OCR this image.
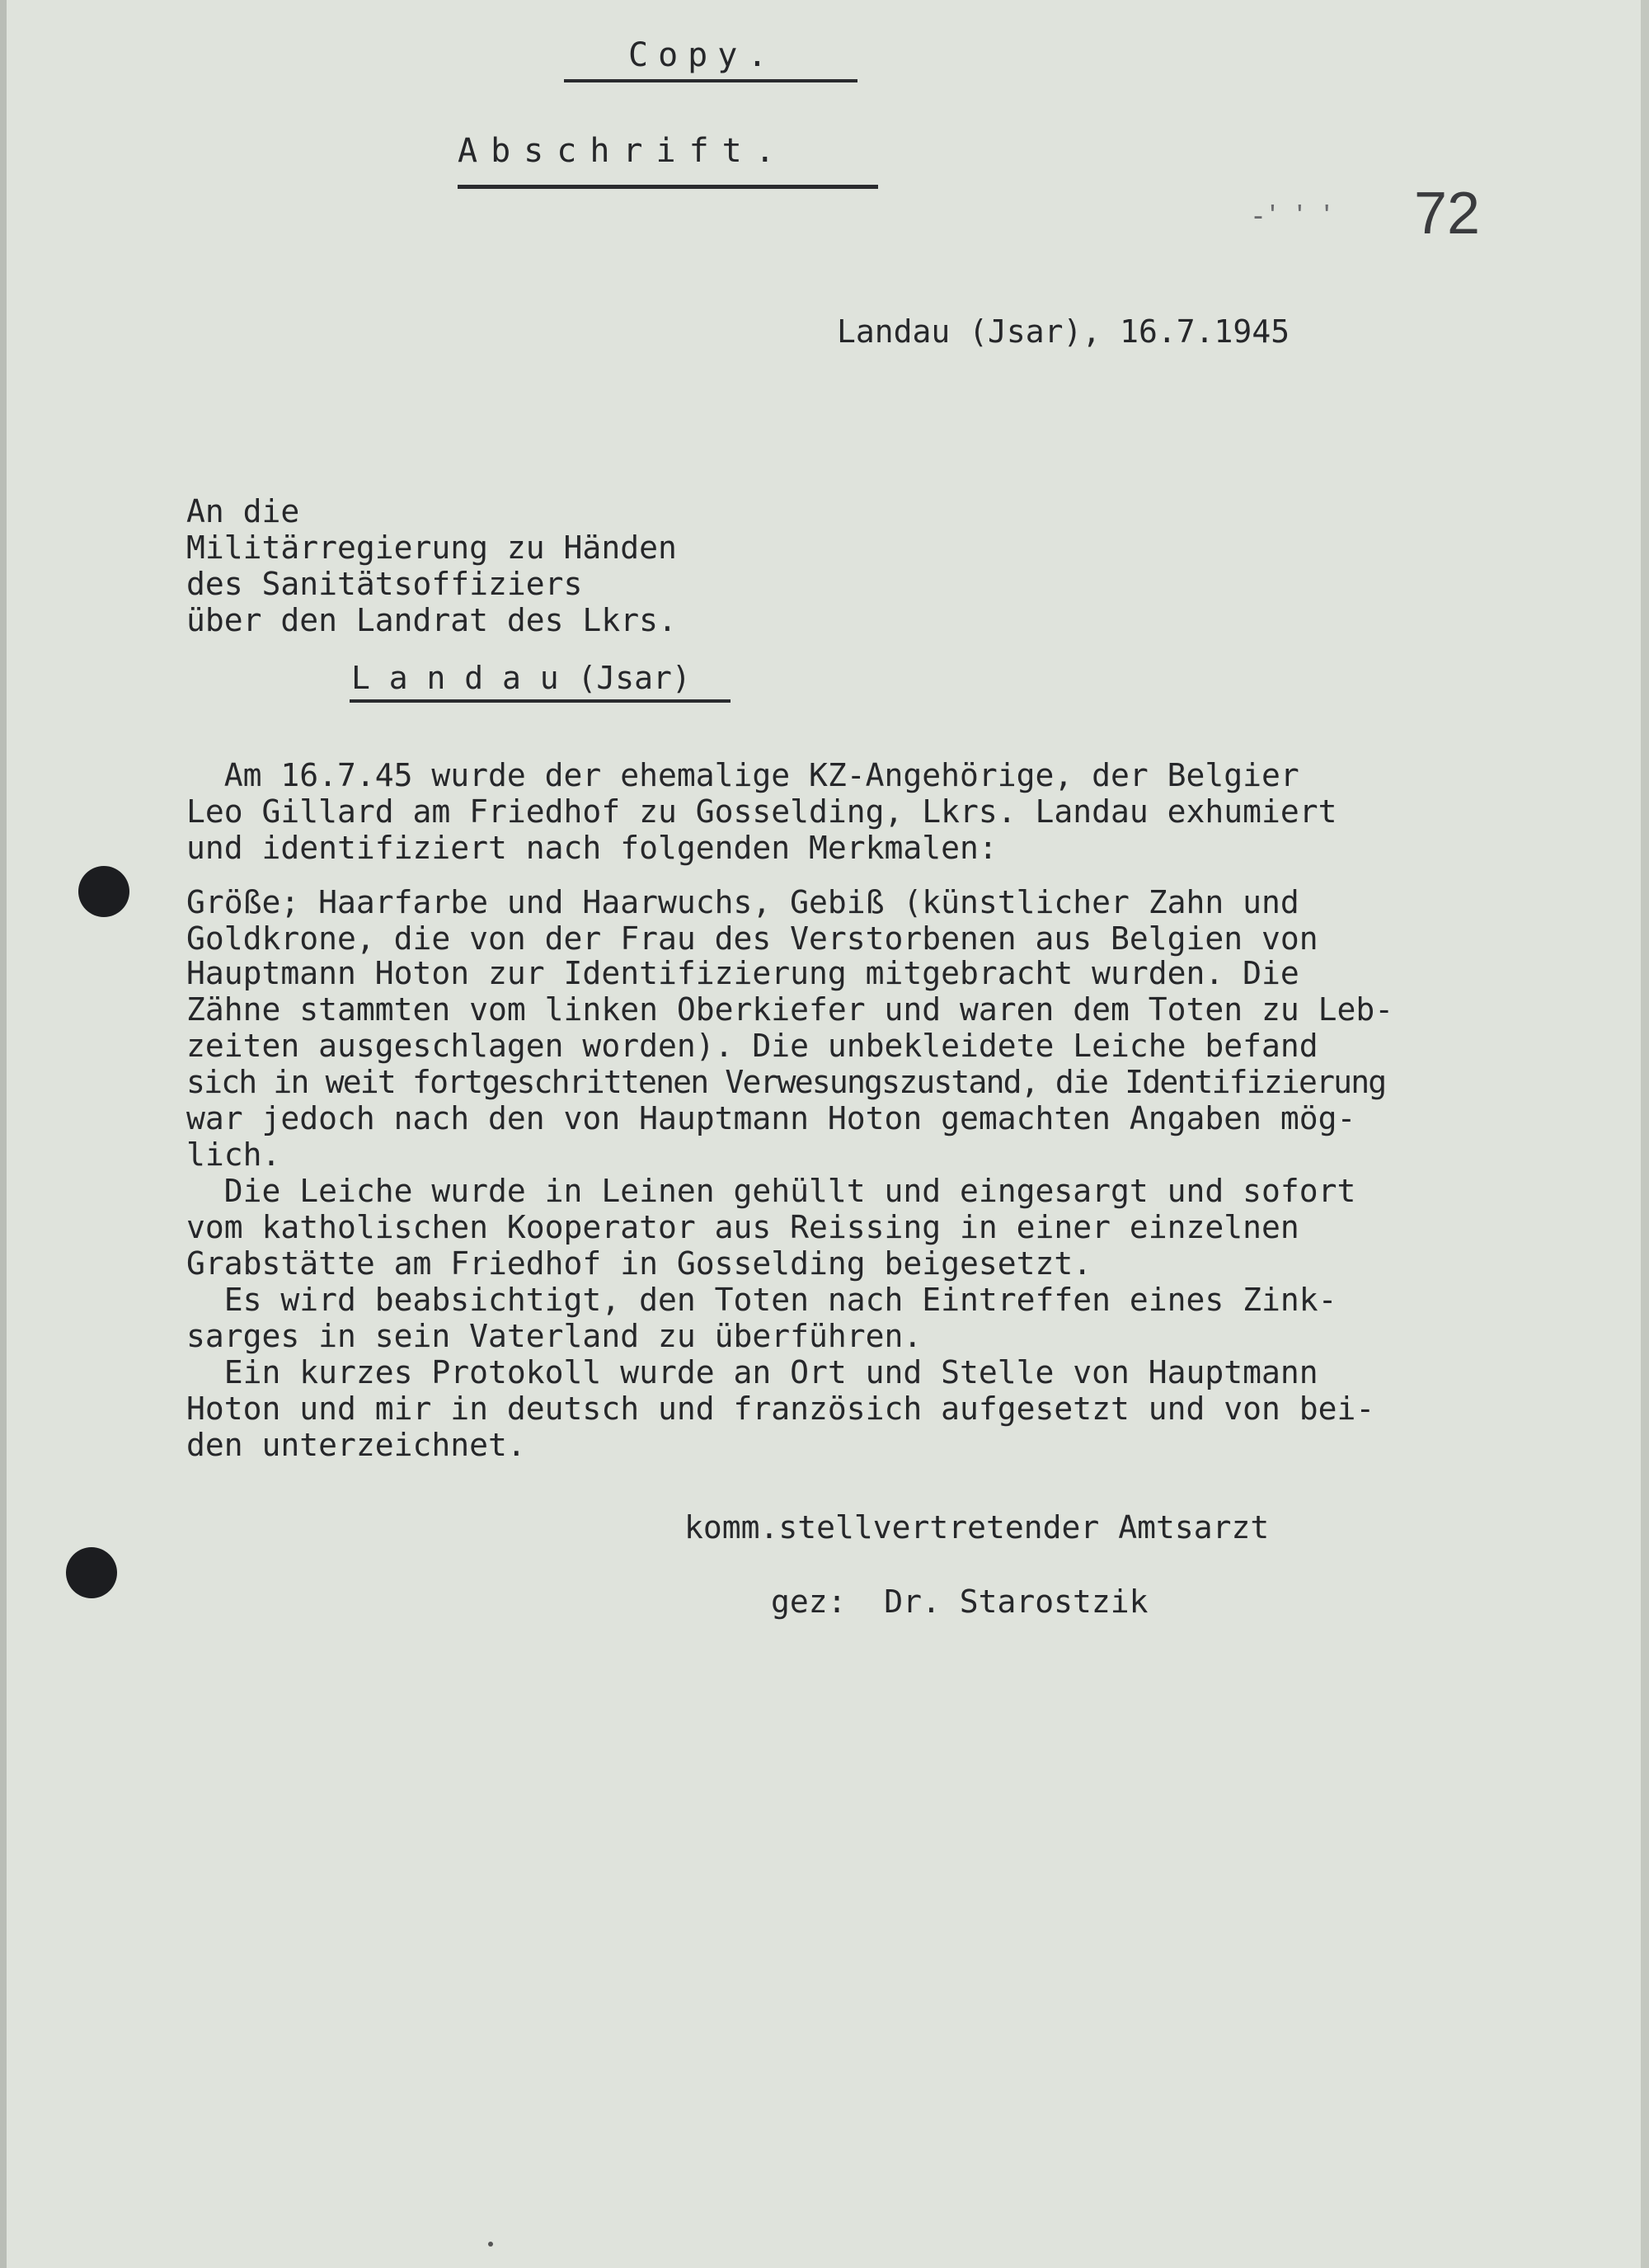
Copy.
Abschrift.
-' ' ' 72
Landau (Jsar), 16.7.1945
An die
Militärregierung zu Händen
des Sanitätsoffiziers
über den Landrat des Lkrs.
L a n d a u (Jsar)
Am 16.7.45 wurde der ehemalige KZ-Angehörige, der Belgier
Leo Gillard am Friedhof zu Gosselding, Lkrs. Landau exhumiert
und identifiziert nach folgenden Merkmalen:
Größe; Haarfarbe und Haarwuchs, Gebiß (künstlicher Zahn und
Goldkrone, die von der Frau des Verstorbenen aus Belgien von
Hauptmann Hoton zur Identifizierung mitgebracht wurden. Die
Zähne stammten vom linken Oberkiefer und waren dem Toten zu Leb-
zeiten ausgeschlagen worden). Die unbekleidete Leiche befand
sich in weit fortgeschrittenen Verwesungszustand, die Identifizierung
war jedoch nach den von Hauptmann Hoton gemachten Angaben mög-
lich.
Die Leiche wurde in Leinen gehüllt und eingesargt und sofort
vom katholischen Kooperator aus Reissing in einer einzelnen
Grabstätte am Friedhof in Gosselding beigesetzt.
Es wird beabsichtigt, den Toten nach Eintreffen eines Zink-
sarges in sein Vaterland zu überführen.
Ein kurzes Protokoll wurde an Ort und Stelle von Hauptmann
Hoton und mir in deutsch und französich aufgesetzt und von bei-
den unterzeichnet.
komm.stellvertretender Amtsarzt
gez:  Dr. Starostzik
